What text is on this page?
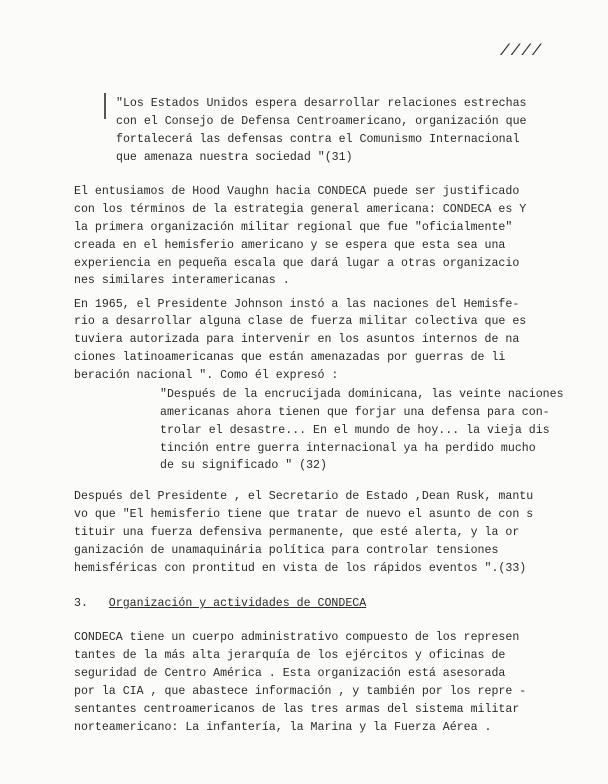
////
"Los Estados Unidos espera desarrollar relaciones estrechas
con el Consejo de Defensa Centroamericano, organización que
fortalecerá las defensas contra el Comunismo Internacional
que amenaza nuestra sociedad "(31)
El entusiamos de Hood Vaughn hacia CONDECA puede ser justificado
con los términos de la estrategia general americana: CONDECA es Y
la primera organización militar regional que fue "oficialmente"
creada en el hemisferio americano y se espera que esta sea una
experiencia en pequeña escala que dará lugar a otras organizacio
nes similares interamericanas .
En 1965, el Presidente Johnson instó a las naciones del Hemisfe-
rio a desarrollar alguna clase de fuerza militar colectiva que es
tuviera autorizada para intervenir en los asuntos internos de na
ciones latinoamericanas que están amenazadas por guerras de li
beración nacional ". Como él expresó :
"Después de la encrucijada dominicana, las veinte naciones
americanas ahora tienen que forjar una defensa para con-
trolar el desastre... En el mundo de hoy... la vieja dis
tinción entre guerra internacional ya ha perdido mucho
de su significado " (32)
Después del Presidente , el Secretario de Estado ,Dean Rusk, mantu
vo que "El hemisferio tiene que tratar de nuevo el asunto de con s
tituir una fuerza defensiva permanente, que esté alerta, y la or
ganización de unamaquinária política para controlar tensiones
hemisféricas con prontitud en vista de los rápidos eventos ".(33)
CONDECA tiene un cuerpo administrativo compuesto de los represen
tantes de la más alta jerarquía de los ejércitos y oficinas de
seguridad de Centro América . Esta organización está asesorada
por la CIA , que abastece información , y también por los repre -
sentantes centroamericanos de las tres armas del sistema militar
norteamericano: La infantería, la Marina y la Fuerza Aérea .
3. Organización y actividades de CONDECA
